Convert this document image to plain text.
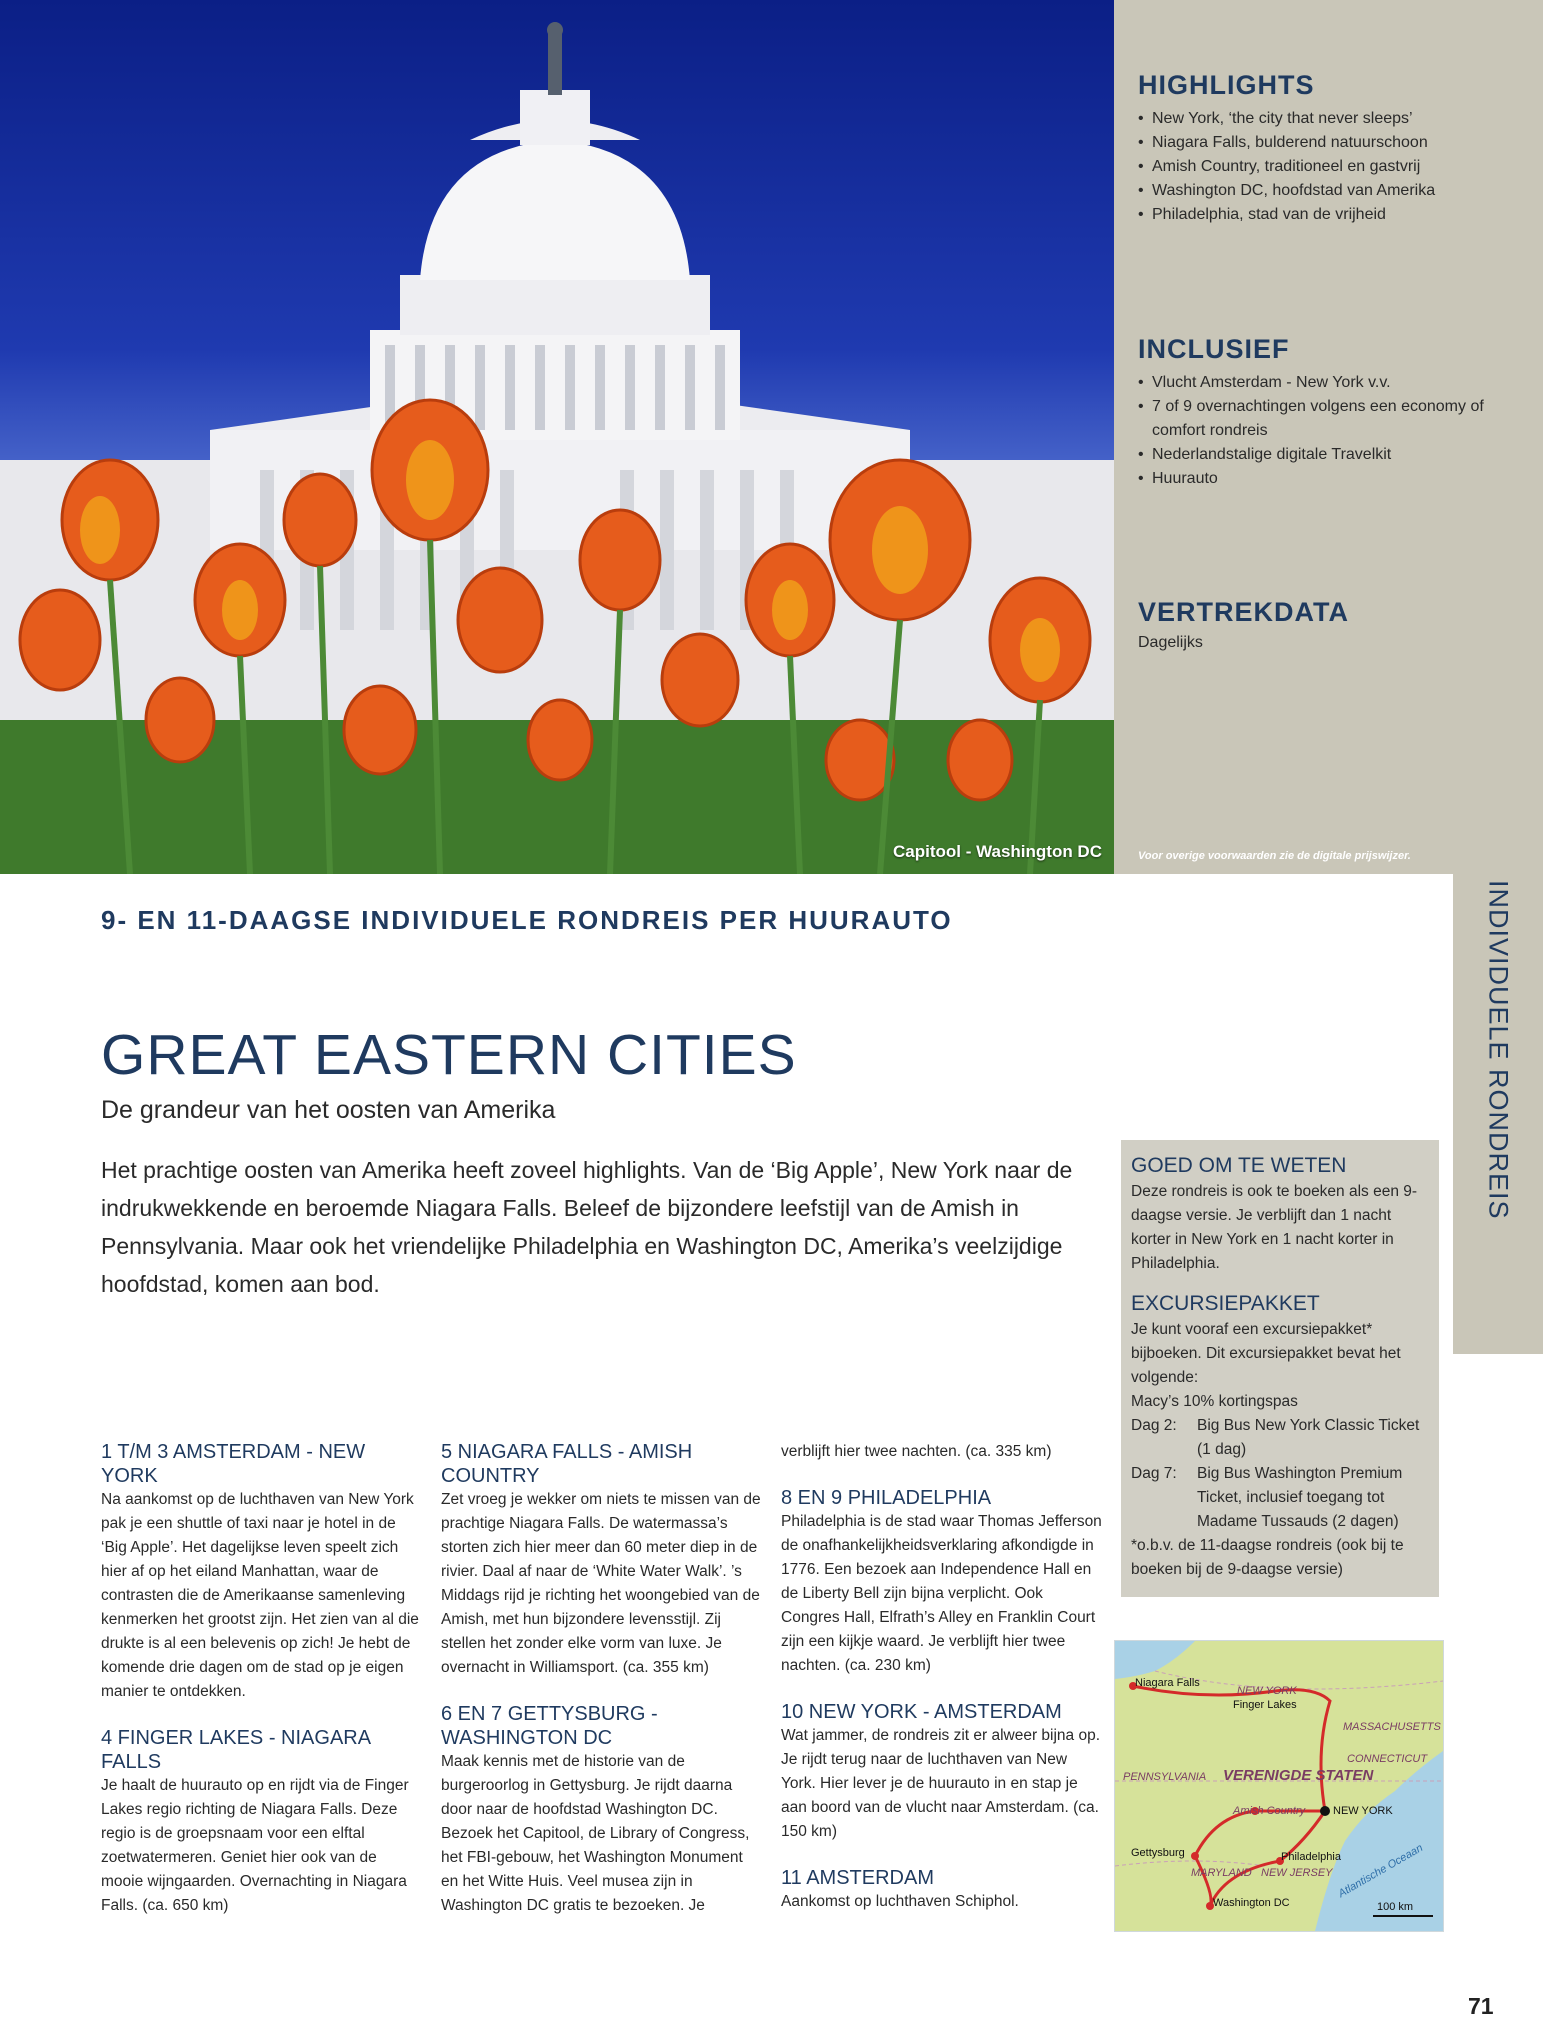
Capitool - Washington DC
HIGHLIGHTS
• New York, ‘the city that never sleeps’
• Niagara Falls, bulderend natuurschoon
• Amish Country, traditioneel en gastvrij
• Washington DC, hoofdstad van Amerika
• Philadelphia, stad van de vrijheid
INCLUSIEF
• Vlucht Amsterdam - New York v.v.
• 7 of 9 overnachtingen volgens een economy of comfort rondreis
• Nederlandstalige digitale Travelkit
• Huurauto
VERTREKDATA

Dagelijks

Voor overige voorwaarden zie de digitale prijswijzer.
INDIVIDUELE RONDREIS
9- EN 11-DAAGSE INDIVIDUELE RONDREIS PER HUURAUTO
GREAT EASTERN CITIES
De grandeur van het oosten van Amerika

Het prachtige oosten van Amerika heeft zoveel highlights. Van de ‘Big Apple’, New York naar de indrukwekkende en beroemde Niagara Falls. Beleef de bijzondere leefstijl van de Amish in Pennsylvania. Maar ook het vriendelijke Philadelphia en Washington DC, Amerika’s veelzijdige hoofdstad, komen aan bod.

1 T/M 3 AMSTERDAM - NEW YORK

Na aankomst op de luchthaven van New York pak je een shuttle of taxi naar je hotel in de ‘Big Apple’. Het dagelijkse leven speelt zich hier af op het eiland Manhattan, waar de contrasten die de Amerikaanse samenleving kenmerken het grootst zijn. Het zien van al die drukte is al een belevenis op zich! Je hebt de komende drie dagen om de stad op je eigen manier te ontdekken.

4 FINGER LAKES - NIAGARA FALLS

Je haalt de huurauto op en rijdt via de Finger Lakes regio richting de Niagara Falls. Deze regio is de groepsnaam voor een elftal zoetwatermeren. Geniet hier ook van de mooie wijngaarden. Overnachting in Niagara Falls. (ca. 650 km)

5 NIAGARA FALLS - AMISH COUNTRY

Zet vroeg je wekker om niets te missen van de prachtige Niagara Falls. De watermassa’s storten zich hier meer dan 60 meter diep in de rivier. Daal af naar de ‘White Water Walk’. ’s Middags rijd je richting het woongebied van de Amish, met hun bijzondere levensstijl. Zij stellen het zonder elke vorm van luxe. Je overnacht in Williamsport. (ca. 355 km)

6 EN 7 GETTYSBURG - WASHINGTON DC

Maak kennis met de historie van de burgeroorlog in Gettysburg. Je rijdt daarna door naar de hoofdstad Washington DC. Bezoek het Capitool, de Library of Congress, het FBI-gebouw, het Washington Monument en het Witte Huis. Veel musea zijn in Washington DC gratis te bezoeken. Je

verblijft hier twee nachten. (ca. 335 km)

8 EN 9 PHILADELPHIA

Philadelphia is de stad waar Thomas Jefferson de onafhankelijkheidsverklaring afkondigde in 1776. Een bezoek aan Independence Hall en de Liberty Bell zijn bijna verplicht. Ook Congres Hall, Elfrath’s Alley en Franklin Court zijn een kijkje waard. Je verblijft hier twee nachten. (ca. 230 km)

10 NEW YORK - AMSTERDAM

Wat jammer, de rondreis zit er alweer bijna op. Je rijdt terug naar de luchthaven van New York. Hier lever je de huurauto in en stap je aan boord van de vlucht naar Amsterdam. (ca. 150 km)

11 AMSTERDAM

Aankomst op luchthaven Schiphol.

GOED OM TE WETEN

Deze rondreis is ook te boeken als een 9-daagse versie. Je verblijft dan 1 nacht korter in New York en 1 nacht korter in Philadelphia.

EXCURSIEPAKKET

Je kunt vooraf een excursiepakket* bijboeken. Dit excursiepakket bevat het volgende:

Macy’s 10% kortingspas

Dag 2:	Big Bus New York Classic Ticket (1 dag)
Dag 7:	Big Bus Washington Premium Ticket, inclusief toegang tot Madame Tussauds (2 dagen)

*o.b.v. de 11-daagse rondreis (ook bij te boeken bij de 9-daagse versie)

Niagara Falls
NEW YORK
Finger Lakes
MASSACHUSETTS
CONNECTICUT
PENNSYLVANIA VERENIGDE STATEN
Amish Country	NEW YORK
Gettysburg	Philadelphia
MARYLAND NEW JERSEY
Washington DC
Atlantische Oceaan
100 km
71
